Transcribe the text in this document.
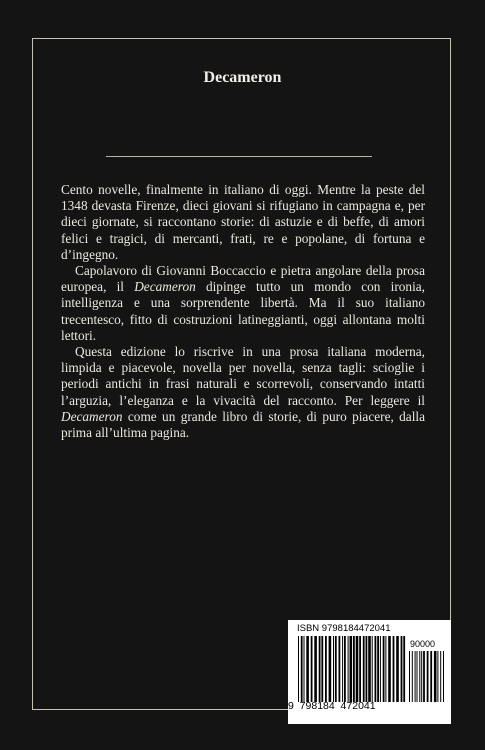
Decameron

Cento novelle, finalmente in italiano di oggi. Mentre la peste del 1348 devasta Firenze, dieci giovani si rifugiano in campagna e, per dieci giornate, si raccontano storie: di astuzie e di beffe, di amori felici e tragici, di mercanti, frati, re e popolane, di fortuna e d’ingegno.

Capolavoro di Giovanni Boccaccio e pietra angolare della prosa europea, il Decameron dipinge tutto un mondo con ironia, intelligenza e una sorprendente libertà. Ma il suo italiano trecentesco, fitto di costruzioni latineggianti, oggi allontana molti lettori.

Questa edizione lo riscrive in una prosa italiana moderna, limpida e piacevole, novella per novella, senza tagli: scioglie i periodi antichi in frasi naturali e scorrevoli, conservando intatti l’arguzia, l’eleganza e la vivacità del racconto. Per leggere il Decameron come un grande libro di storie, di puro piacere, dalla prima all’ultima pagina.

ISBN 9798184472041
90000
9  798184  472041
